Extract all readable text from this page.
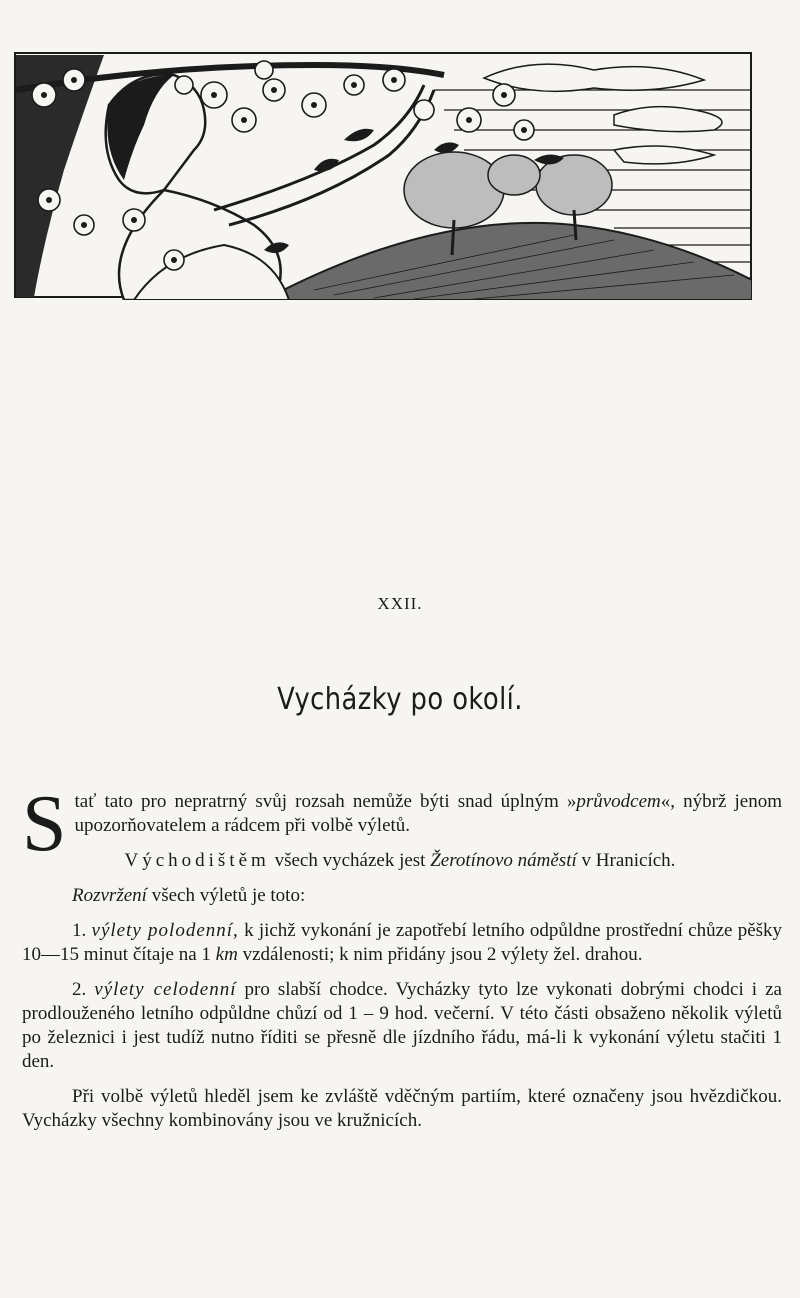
XXII.
Vycházky po okolí.

Stať tato pro nepratrný svůj rozsah nemůže býti snad úplným »průvodcem«, nýbrž jenom upozorňovatelem a rádcem při volbě výletů.

Východištěm všech vycházek jest Žerotínovo náměstí v Hranicích.

Rozvržení všech výletů je toto:

1. výlety polodenní, k jichž vykonání je zapotřebí letního odpůldne prostřední chůze pěšky 10—15 minut čítaje na 1 km vzdálenosti; k nim přidány jsou 2 výlety žel. drahou.

2. výlety celodenní pro slabší chodce. Vycházky tyto lze vykonati dobrými chodci i za prodlouženého letního odpůldne chůzí od 1 – 9 hod. večerní. V této části obsaženo několik výletů po železnici i jest tudíž nutno říditi se přesně dle jízdního řádu, má-li k vykonání výletu stačiti 1 den.

Při volbě výletů hleděl jsem ke zvláště vděčným partiím, které označeny jsou hvězdičkou. Vycházky všechny kombinovány jsou ve kružnicích.
